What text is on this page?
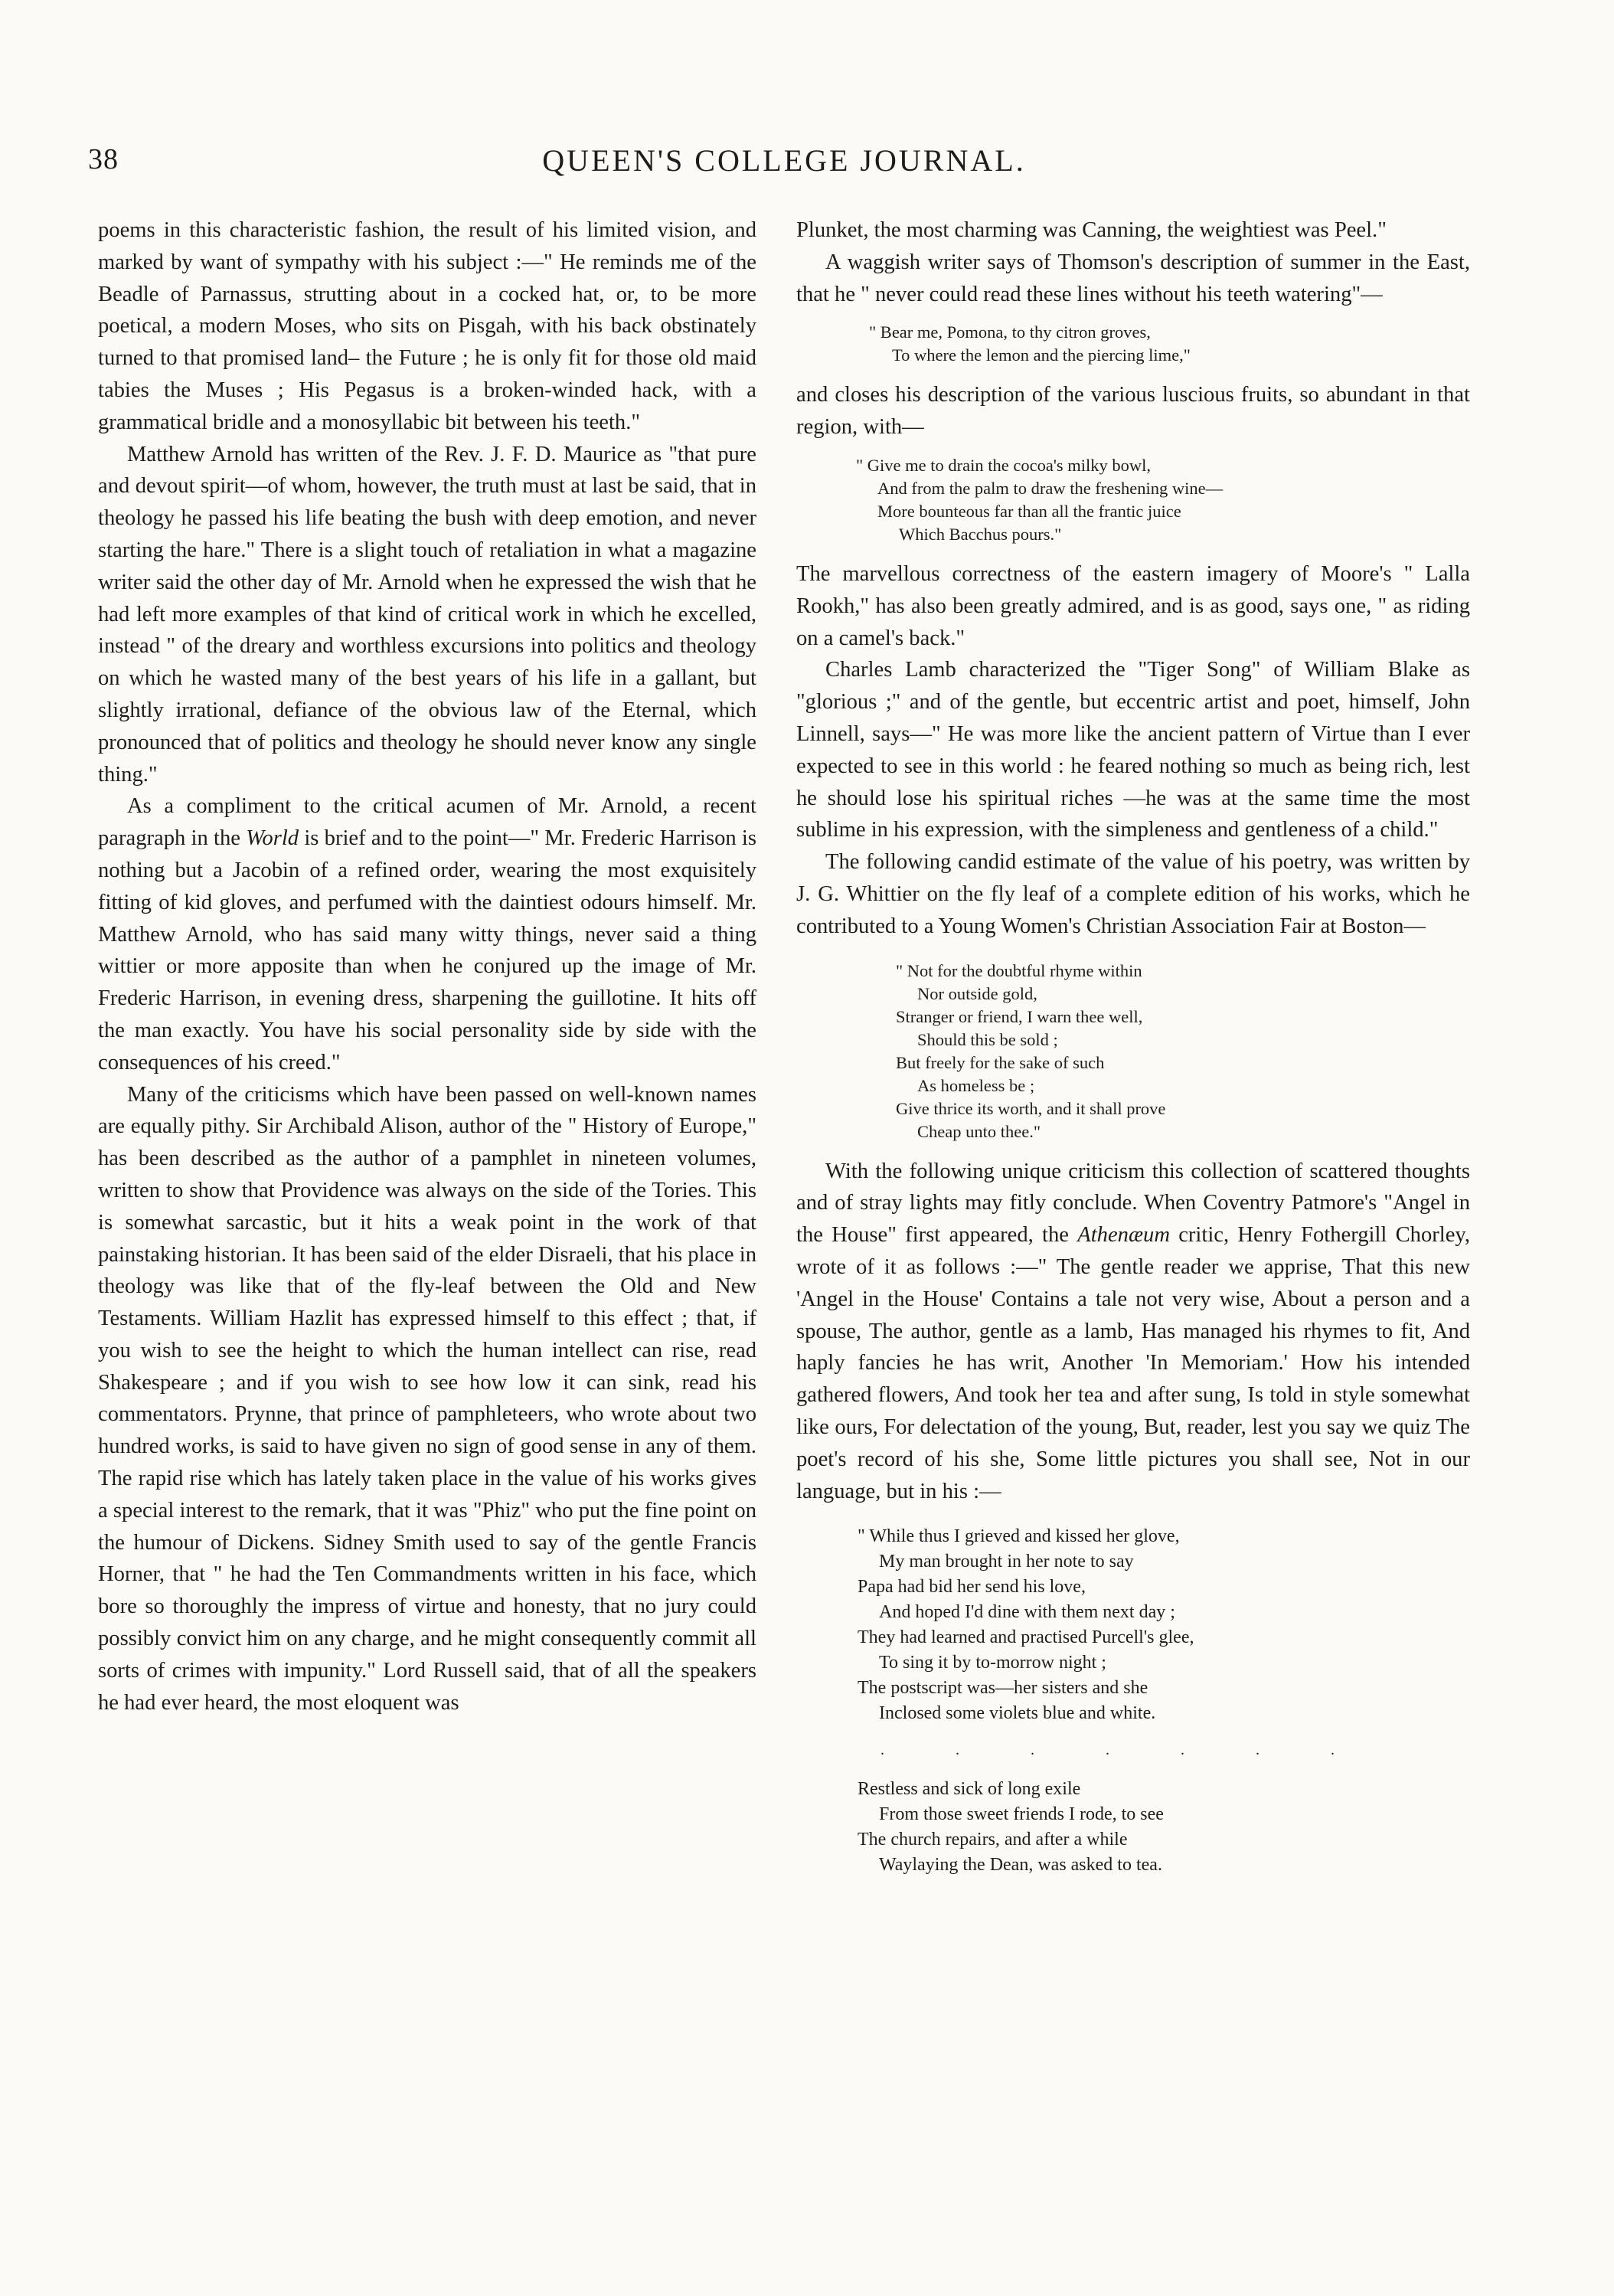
38	QUEEN'S COLLEGE JOURNAL.

poems in this characteristic fashion, the result of his limited vision, and marked by want of sympathy with his subject :—" He reminds me of the Beadle of Parnassus, strutting about in a cocked hat, or, to be more poetical, a modern Moses, who sits on Pisgah, with his back obstinately turned to that promised land– the Future ; he is only fit for those old maid tabies the Muses ; His Pegasus is a broken-winded hack, with a grammatical bridle and a monosyllabic bit between his teeth."

Matthew Arnold has written of the Rev. J. F. D. Maurice as "that pure and devout spirit—of whom, however, the truth must at last be said, that in theology he passed his life beating the bush with deep emotion, and never starting the hare." There is a slight touch of retaliation in what a magazine writer said the other day of Mr. Arnold when he expressed the wish that he had left more examples of that kind of critical work in which he excelled, instead " of the dreary and worthless excursions into politics and theology on which he wasted many of the best years of his life in a gallant, but slightly irrational, defiance of the obvious law of the Eternal, which pronounced that of politics and theology he should never know any single thing."

As a compliment to the critical acumen of Mr. Arnold, a recent paragraph in the World is brief and to the point—" Mr. Frederic Harrison is nothing but a Jacobin of a refined order, wearing the most exquisitely fitting of kid gloves, and perfumed with the daintiest odours himself. Mr. Matthew Arnold, who has said many witty things, never said a thing wittier or more apposite than when he conjured up the image of Mr. Frederic Harrison, in evening dress, sharpening the guillotine. It hits off the man exactly. You have his social personality side by side with the consequences of his creed."

Many of the criticisms which have been passed on well-known names are equally pithy. Sir Archibald Alison, author of the " History of Europe," has been described as the author of a pamphlet in nineteen volumes, written to show that Providence was always on the side of the Tories. This is somewhat sarcastic, but it hits a weak point in the work of that painstaking historian. It has been said of the elder Disraeli, that his place in theology was like that of the fly-leaf between the Old and New Testaments. William Hazlit has expressed himself to this effect ; that, if you wish to see the height to which the human intellect can rise, read Shakespeare ; and if you wish to see how low it can sink, read his commentators. Prynne, that prince of pamphleteers, who wrote about two hundred works, is said to have given no sign of good sense in any of them. The rapid rise which has lately taken place in the value of his works gives a special interest to the remark, that it was "Phiz" who put the fine point on the humour of Dickens. Sidney Smith used to say of the gentle Francis Horner, that " he had the Ten Commandments written in his face, which bore so thoroughly the impress of virtue and honesty, that no jury could possibly convict him on any charge, and he might consequently commit all sorts of crimes with impunity." Lord Russell said, that of all the speakers he had ever heard, the most eloquent was

Plunket, the most charming was Canning, the weightiest was Peel."

A waggish writer says of Thomson's description of summer in the East, that he " never could read these lines without his teeth watering"—

" Bear me, Pomona, to thy citron groves,
To where the lemon and the piercing lime,"

and closes his description of the various luscious fruits, so abundant in that region, with—

" Give me to drain the cocoa's milky bowl,
And from the palm to draw the freshening wine—
More bounteous far than all the frantic juice
Which Bacchus pours."

The marvellous correctness of the eastern imagery of Moore's " Lalla Rookh," has also been greatly admired, and is as good, says one, " as riding on a camel's back."

Charles Lamb characterized the "Tiger Song" of William Blake as "glorious ;" and of the gentle, but eccentric artist and poet, himself, John Linnell, says—" He was more like the ancient pattern of Virtue than I ever expected to see in this world : he feared nothing so much as being rich, lest he should lose his spiritual riches —he was at the same time the most sublime in his expression, with the simpleness and gentleness of a child."

The following candid estimate of the value of his poetry, was written by J. G. Whittier on the fly leaf of a complete edition of his works, which he contributed to a Young Women's Christian Association Fair at Boston—

" Not for the doubtful rhyme within
Nor outside gold,
Stranger or friend, I warn thee well,
Should this be sold ;
But freely for the sake of such
As homeless be ;
Give thrice its worth, and it shall prove
Cheap unto thee."

With the following unique criticism this collection of scattered thoughts and of stray lights may fitly conclude. When Coventry Patmore's "Angel in the House" first appeared, the Athenæum critic, Henry Fothergill Chorley, wrote of it as follows :—" The gentle reader we apprise, That this new 'Angel in the House' Contains a tale not very wise, About a person and a spouse, The author, gentle as a lamb, Has managed his rhymes to fit, And haply fancies he has writ, Another 'In Memoriam.' How his intended gathered flowers, And took her tea and after sung, Is told in style somewhat like ours, For delectation of the young, But, reader, lest you say we quiz The poet's record of his she, Some little pictures you shall see, Not in our language, but in his :—

" While thus I grieved and kissed her glove,
My man brought in her note to say
Papa had bid her send his love,
And hoped I'd dine with them next day ;
They had learned and practised Purcell's glee,
To sing it by to-morrow night ;
The postscript was—her sisters and she
Inclosed some violets blue and white.
. . . . . . .
Restless and sick of long exile
From those sweet friends I rode, to see
The church repairs, and after a while
Waylaying the Dean, was asked to tea.
